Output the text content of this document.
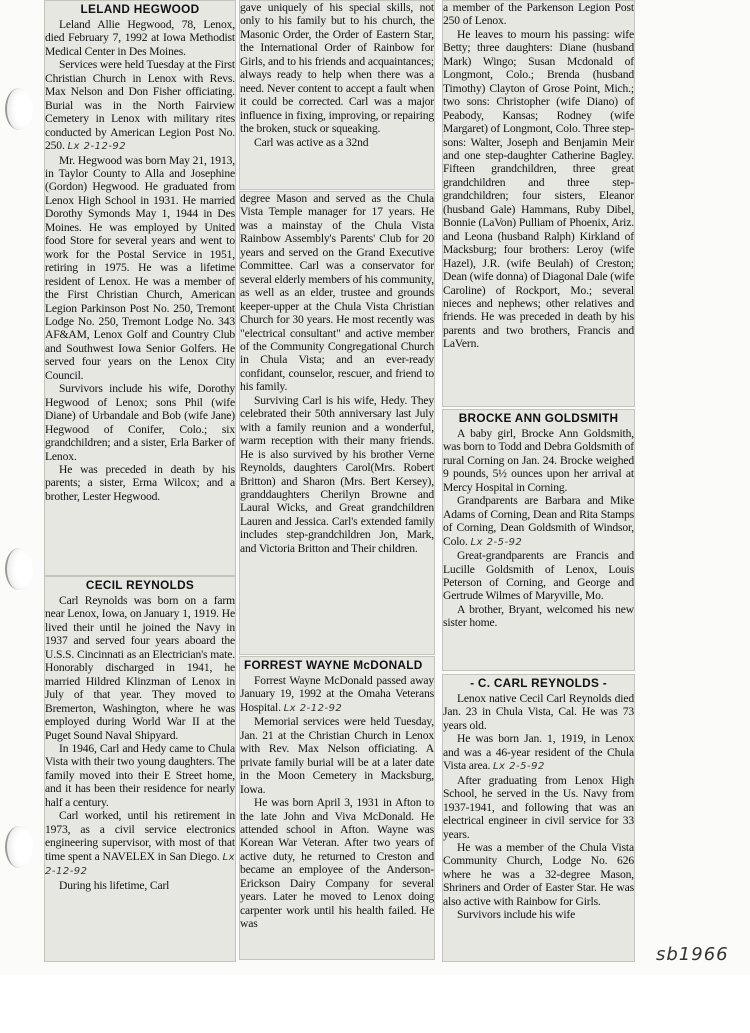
LELAND HEGWOOD

Leland Allie Hegwood, 78, Lenox, died February 7, 1992 at Iowa Methodist Medical Center in Des Moines.

Services were held Tuesday at the First Christian Church in Lenox with Revs. Max Nelson and Don Fisher officiating. Burial was in the North Fairview Cemetery in Lenox with military rites conducted by American Legion Post No. 250. Lx 2-12-92

Mr. Hegwood was born May 21, 1913, in Taylor County to Alla and Josephine (Gordon) Hegwood. He graduated from Lenox High School in 1931. He married Dorothy Symonds May 1, 1944 in Des Moines. He was employed by United food Store for several years and went to work for the Postal Service in 1951, retiring in 1975. He was a lifetime resident of Lenox. He was a member of the First Christian Church, American Legion Parkinson Post No. 250, Tremont Lodge No. 250, Tremont Lodge No. 343 AF&AM, Lenox Golf and Country Club and Southwest Iowa Senior Golfers. He served four years on the Lenox City Council.

Survivors include his wife, Dorothy Hegwood of Lenox; sons Phil (wife Diane) of Urbandale and Bob (wife Jane) Hegwood of Conifer, Colo.; six grandchildren; and a sister, Erla Barker of Lenox.

He was preceded in death by his parents; a sister, Erma Wilcox; and a brother, Lester Hegwood.

CECIL REYNOLDS

Carl Reynolds was born on a farm near Lenox, Iowa, on January 1, 1919. He lived their until he joined the Navy in 1937 and served four years aboard the U.S.S. Cincinnati as an Electrician's mate. Honorably discharged in 1941, he married Hildred Klinzman of Lenox in July of that year. They moved to Bremerton, Washington, where he was employed during World War II at the Puget Sound Naval Shipyard.

In 1946, Carl and Hedy came to Chula Vista with their two young daughters. The family moved into their E Street home, and it has been their residence for nearly half a century.

Carl worked, until his retirement in 1973, as a civil service electronics engineering supervisor, with most of that time spent a NAVELEX in San Diego. Lx 2-12-92

During his lifetime, Carl

gave uniquely of his special skills, not only to his family but to his church, the Masonic Order, the Order of Eastern Star, the International Order of Rainbow for Girls, and to his friends and acquaintances; always ready to help when there was a need. Never content to accept a fault when it could be corrected. Carl was a major influence in fixing, improving, or repairing the broken, stuck or squeaking.

Carl was active as a 32nd

degree Mason and served as the Chula Vista Temple manager for 17 years. He was a mainstay of the Chula Vista Rainbow Assembly's Parents' Club for 20 years and served on the Grand Executive Committee. Carl was a conservator for several elderly members of his community, as well as an elder, trustee and grounds keeper-upper at the Chula Vista Christian Church for 30 years. He most recently was "electrical consultant" and active member of the Community Congregational Church in Chula Vista; and an ever-ready confidant, counselor, rescuer, and friend to his family.

Surviving Carl is his wife, Hedy. They celebrated their 50th anniversary last July with a family reunion and a wonderful, warm reception with their many friends. He is also survived by his brother Verne Reynolds, daughters Carol(Mrs. Robert Britton) and Sharon (Mrs. Bert Kersey), granddaughters Cherilyn Browne and Laural Wicks, and Great grandchildren Lauren and Jessica. Carl's extended family includes step-grandchildren Jon, Mark, and Victoria Britton and Their children.

FORREST WAYNE McDONALD

Forrest Wayne McDonald passed away January 19, 1992 at the Omaha Veterans Hospital. Lx 2-12-92

Memorial services were held Tuesday, Jan. 21 at the Christian Church in Lenox with Rev. Max Nelson officiating. A private family burial will be at a later date in the Moon Cemetery in Macksburg, Iowa.

He was born April 3, 1931 in Afton to the late John and Viva McDonald. He attended school in Afton. Wayne was Korean War Veteran. After two years of active duty, he returned to Creston and became an employee of the Anderson-Erickson Dairy Company for several years. Later he moved to Lenox doing carpenter work until his health failed. He was

a member of the Parkenson Legion Post 250 of Lenox.

He leaves to mourn his passing: wife Betty; three daughters: Diane (husband Mark) Wingo; Susan Mcdonald of Longmont, Colo.; Brenda (husband Timothy) Clayton of Grose Point, Mich.; two sons: Christopher (wife Diano) of Peabody, Kansas; Rodney (wife Margaret) of Longmont, Colo. Three step-sons: Walter, Joseph and Benjamin Meir and one step-daughter Catherine Bagley. Fifteen grandchildren, three great grandchildren and three step-grandchildren; four sisters, Eleanor (husband Gale) Hammans, Ruby Dibel, Bonnie (LaVon) Pulliam of Phoenix, Ariz. and Leona (husband Ralph) Kirkland of Macksburg; four brothers: Leroy (wife Hazel), J.R. (wife Beulah) of Creston; Dean (wife donna) of Diagonal Dale (wife Caroline) of Rockport, Mo.; several nieces and nephews; other relatives and friends. He was preceded in death by his parents and two brothers, Francis and LaVern.

BROCKE ANN GOLDSMITH

A baby girl, Brocke Ann Goldsmith, was born to Todd and Debra Goldsmith of rural Corning on Jan. 24. Brocke weighed 9 pounds, 5½ ounces upon her arrival at Mercy Hospital in Corning.

Grandparents are Barbara and Mike Adams of Corning, Dean and Rita Stamps of Corning, Dean Goldsmith of Windsor, Colo. Lx 2-5-92

Great-grandparents are Francis and Lucille Goldsmith of Lenox, Louis Peterson of Corning, and George and Gertrude Wilmes of Maryville, Mo.

A brother, Bryant, welcomed his new sister home.

- C. CARL REYNOLDS -

Lenox native Cecil Carl Reynolds died Jan. 23 in Chula Vista, Cal. He was 73 years old.

He was born Jan. 1, 1919, in Lenox and was a 46-year resident of the Chula Vista area. Lx 2-5-92

After graduating from Lenox High School, he served in the Us. Navy from 1937-1941, and following that was an electrical engineer in civil service for 33 years.

He was a member of the Chula Vista Community Church, Lodge No. 626 where he was a 32-degree Mason, Shriners and Order of Easter Star. He was also active with Rainbow for Girls.

Survivors include his wife

sb1966
